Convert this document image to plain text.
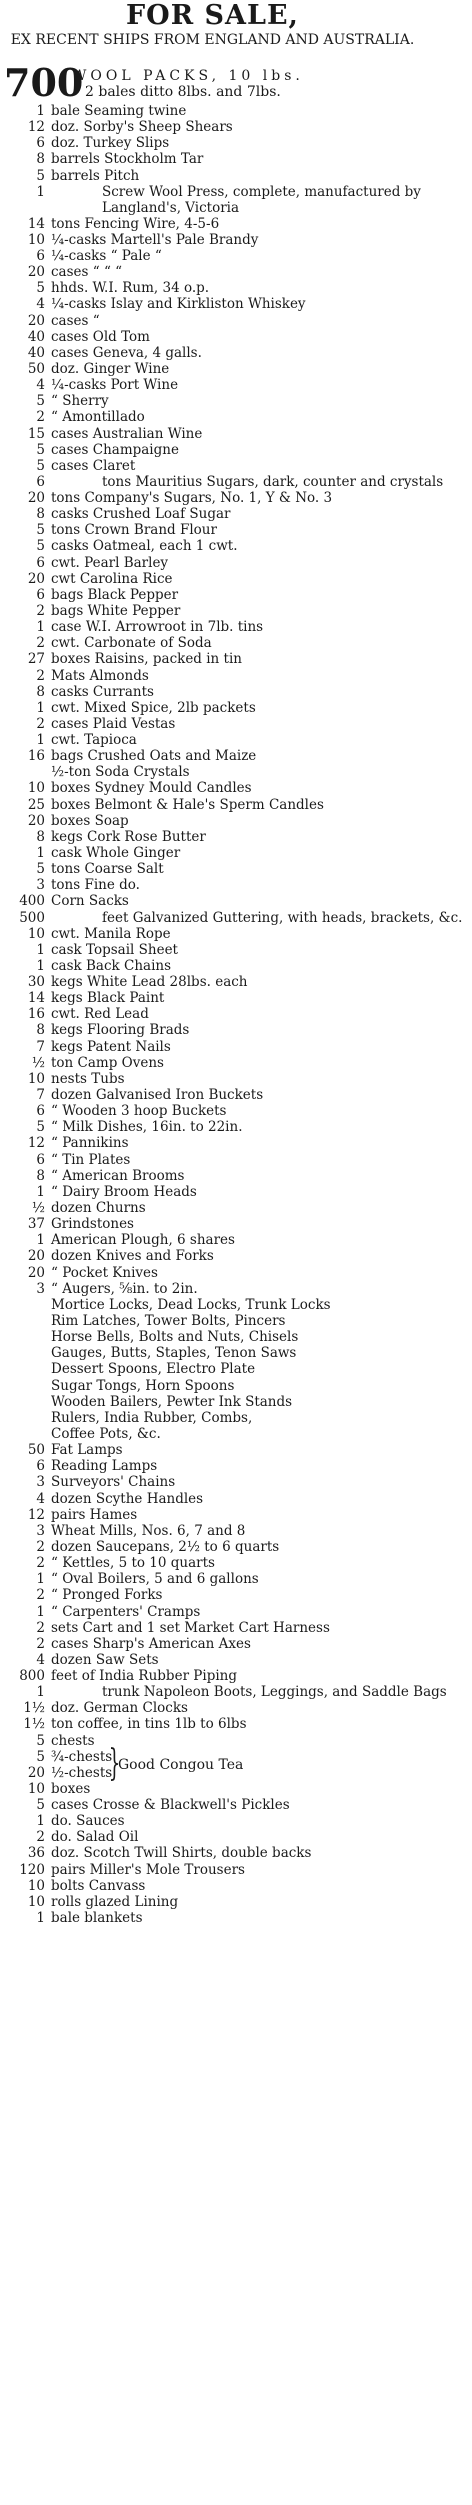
FOR SALE,
EX RECENT SHIPS FROM ENGLAND AND AUSTRALIA.
700
WOOL PACKS, 10 lbs.
2 bales ditto 8lbs. and 7lbs.
1 bale Seaming twine
12 doz. Sorby's Sheep Shears
6 doz. Turkey Slips
8 barrels Stockholm Tar
5 barrels Pitch
1	Screw Wool Press, complete, manufactured by Langland's, Victoria
14 tons Fencing Wire, 4-5-6
10 ¼-casks Martell's Pale Brandy
6 ¼-casks “ Pale “
20 cases “ “ “
5 hhds. W.I. Rum, 34 o.p.
4 ¼-casks Islay and Kirkliston Whiskey
20 cases “
40 cases Old Tom
40 cases Geneva, 4 galls.
50 doz. Ginger Wine
4 ¼-casks Port Wine
5 “ Sherry
2 “ Amontillado
15 cases Australian Wine
5 cases Champaigne
5 cases Claret
6	tons Mauritius Sugars, dark, counter and crystals
20 tons Company's Sugars, No. 1, Y & No. 3
8 casks Crushed Loaf Sugar
5 tons Crown Brand Flour
5 casks Oatmeal, each 1 cwt.
6 cwt. Pearl Barley
20 cwt Carolina Rice
6 bags Black Pepper
2 bags White Pepper
1 case W.I. Arrowroot in 7lb. tins
2 cwt. Carbonate of Soda
27 boxes Raisins, packed in tin
2 Mats Almonds
8 casks Currants
1 cwt. Mixed Spice, 2lb packets
2 cases Plaid Vestas
1 cwt. Tapioca
16 bags Crushed Oats and Maize
½-ton Soda Crystals
10 boxes Sydney Mould Candles
25 boxes Belmont & Hale's Sperm Candles
20 boxes Soap
8 kegs Cork Rose Butter
1 cask Whole Ginger
5 tons Coarse Salt
3 tons Fine do.
400 Corn Sacks
500	feet Galvanized Guttering, with heads, brackets, &c.
10 cwt. Manila Rope
1 cask Topsail Sheet
1 cask Back Chains
30 kegs White Lead 28lbs. each
14 kegs Black Paint
16 cwt. Red Lead
8 kegs Flooring Brads
7 kegs Patent Nails
½ ton Camp Ovens
10 nests Tubs
7 dozen Galvanised Iron Buckets
6 “ Wooden 3 hoop Buckets
5 “ Milk Dishes, 16in. to 22in.
12 “ Pannikins
6 “ Tin Plates
8 “ American Brooms
1 “ Dairy Broom Heads
½ dozen Churns
37 Grindstones
1 American Plough, 6 shares
20 dozen Knives and Forks
20 “ Pocket Knives
3 “ Augers, ⅝in. to 2in.
Mortice Locks, Dead Locks, Trunk Locks
Rim Latches, Tower Bolts, Pincers
Horse Bells, Bolts and Nuts, Chisels
Gauges, Butts, Staples, Tenon Saws
Dessert Spoons, Electro Plate
Sugar Tongs, Horn Spoons
Wooden Bailers, Pewter Ink Stands
Rulers, India Rubber, Combs,
Coffee Pots, &c.
50 Fat Lamps
6 Reading Lamps
3 Surveyors' Chains
4 dozen Scythe Handles
12 pairs Hames
3 Wheat Mills, Nos. 6, 7 and 8
2 dozen Saucepans, 2½ to 6 quarts
2 “ Kettles, 5 to 10 quarts
1 “ Oval Boilers, 5 and 6 gallons
2 “ Pronged Forks
1 “ Carpenters' Cramps
2 sets Cart and 1 set Market Cart Harness
2 cases Sharp's American Axes
4 dozen Saw Sets
800 feet of India Rubber Piping
1	trunk Napoleon Boots, Leggings, and Saddle Bags
1½ doz. German Clocks
1½ ton coffee, in tins 1lb to 6lbs
5 chests
}
Good Congou Tea
5 ¾-chests
20 ½-chests
10 boxes
5 cases Crosse & Blackwell's Pickles
1 do. Sauces
2 do. Salad Oil
36 doz. Scotch Twill Shirts, double backs
120 pairs Miller's Mole Trousers
10 bolts Canvass
10 rolls glazed Lining
1 bale blankets
